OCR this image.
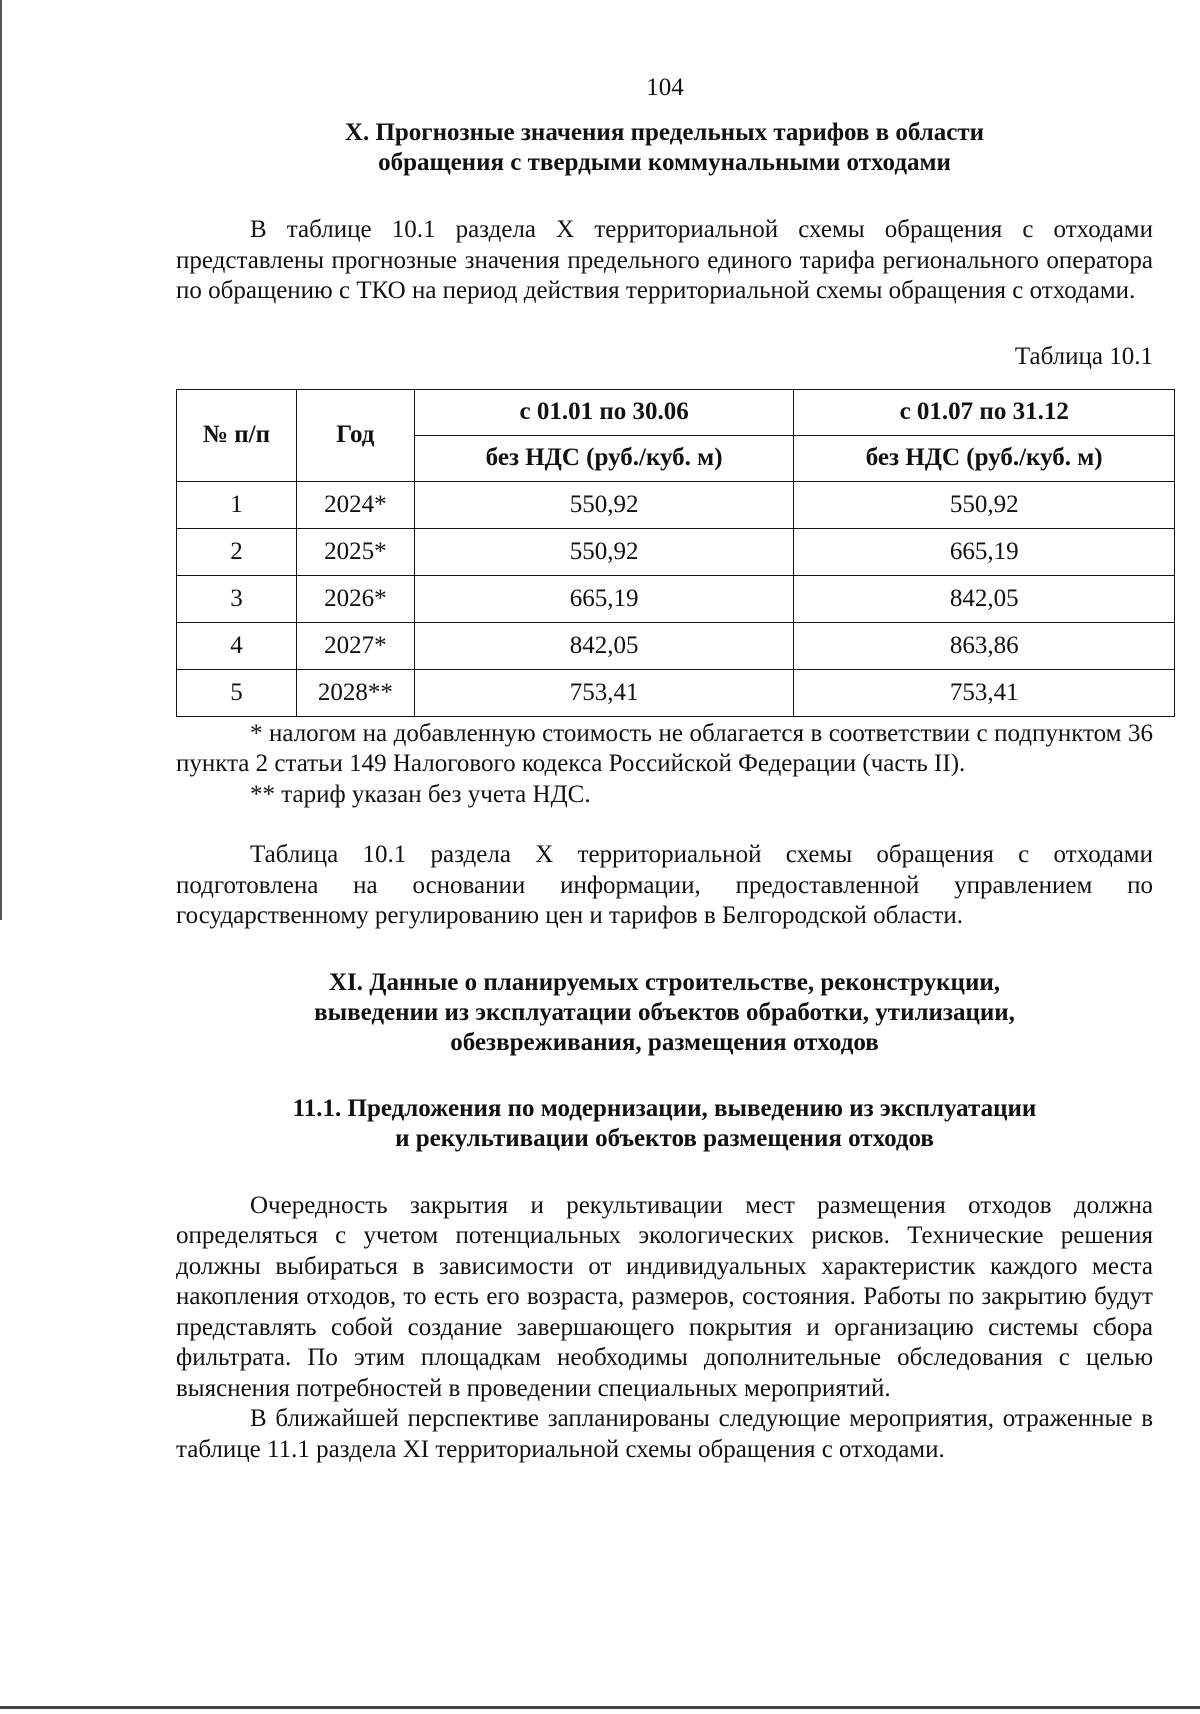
104
X. Прогнозные значения предельных тарифов в области
обращения с твердыми коммунальными отходами

В таблице 10.1 раздела X территориальной схемы обращения с отходами представлены прогнозные значения предельного единого тарифа регионального оператора по обращению с ТКО на период действия территориальной схемы обращения с отходами.

Таблица 10.1

№ п/п	Год	с 01.01 по 30.06	с 01.07 по 31.12
		без НДС (руб./куб. м)	без НДС (руб./куб. м)
1	2024*	550,92	550,92
2	2025*	550,92	665,19
3	2026*	665,19	842,05
4	2027*	842,05	863,86
5	2028**	753,41	753,41

* налогом на добавленную стоимость не облагается в соответствии с подпунктом 36 пункта 2 статьи 149 Налогового кодекса Российской Федерации (часть II).

** тариф указан без учета НДС.

Таблица 10.1 раздела X территориальной схемы обращения с отходами подготовлена на основании информации, предоставленной управлением по государственному регулированию цен и тарифов в Белгородской области.

XI. Данные о планируемых строительстве, реконструкции,
выведении из эксплуатации объектов обработки, утилизации,
обезвреживания, размещения отходов
11.1. Предложения по модернизации, выведению из эксплуатации
и рекультивации объектов размещения отходов

Очередность закрытия и рекультивации мест размещения отходов должна определяться с учетом потенциальных экологических рисков. Технические решения должны выбираться в зависимости от индивидуальных характеристик каждого места накопления отходов, то есть его возраста, размеров, состояния. Работы по закрытию будут представлять собой создание завершающего покрытия и организацию системы сбора фильтрата. По этим площадкам необходимы дополнительные обследования с целью выяснения потребностей в проведении специальных мероприятий.

В ближайшей перспективе запланированы следующие мероприятия, отраженные в таблице 11.1 раздела XI территориальной схемы обращения с отходами.
